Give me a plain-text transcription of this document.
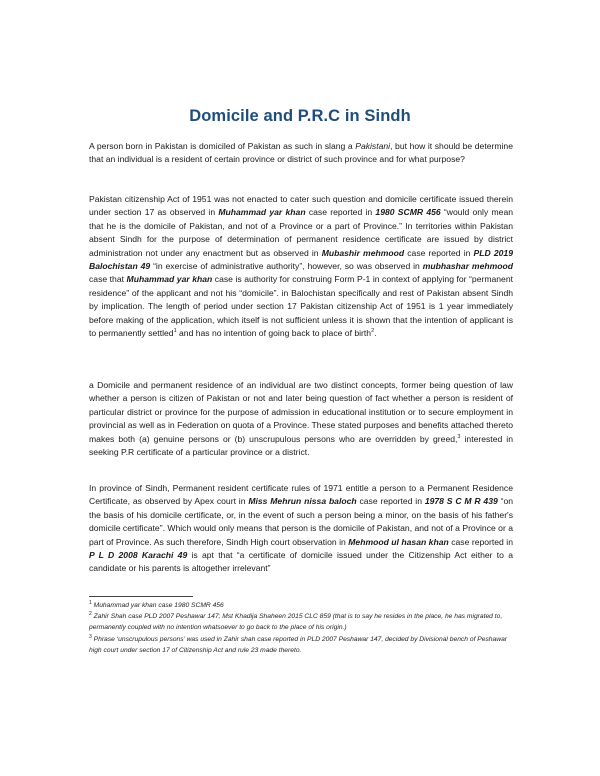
Domicile and P.R.C in Sindh

A person born in Pakistan is domiciled of Pakistan as such in slang a Pakistani, but how it should be determine that an individual is a resident of certain province or district of such province and for what purpose?

Pakistan citizenship Act of 1951 was not enacted to cater such question and domicile certificate issued therein under section 17 as observed in Muhammad yar khan case reported in 1980 SCMR 456 “would only mean that he is the domicile of Pakistan, and not of a Province or a part of Province.” In territories within Pakistan absent Sindh for the purpose of determination of permanent residence certificate are issued by district administration not under any enactment but as observed in Mubashir mehmood case reported in PLD 2019 Balochistan 49 “in exercise of administrative authority”, however, so was observed in mubhashar mehmood case that Muhammad yar khan case is authority for construing Form P-1 in context of applying for “permanent residence” of the applicant and not his “domicile”. in Balochistan specifically and rest of Pakistan absent Sindh by implication. The length of period under section 17 Pakistan citizenship Act of 1951 is 1 year immediately before making of the application, which itself is not sufficient unless it is shown that the intention of applicant is to permanently settled$^1$ and has no intention of going back to place of birth$^2$.

a Domicile and permanent residence of an individual are two distinct concepts, former being question of law whether a person is citizen of Pakistan or not and later being question of fact whether a person is resident of particular district or province for the purpose of admission in educational institution or to secure employment in provincial as well as in Federation on quota of a Province. These stated purposes and benefits attached thereto makes both (a) genuine persons or (b) unscrupulous persons who are overridden by greed,$^3$ interested in seeking P.R certificate of a particular province or a district.

In province of Sindh, Permanent resident certificate rules of 1971 entitle a person to a Permanent Residence Certificate, as observed by Apex court in Miss Mehrun nissa baloch case reported in 1978 S C M R 439 “on the basis of his domicile certificate, or, in the event of such a person being a minor, on the basis of his father's domicile certificate”. Which would only means that person is the domicile of Pakistan, and not of a Province or a part of Province. As such therefore, Sindh High court observation in Mehmood ul hasan khan case reported in P L D 2008 Karachi 49 is apt that “a certificate of domicile issued under the Citizenship Act either to a candidate or his parents is altogether irrelevant”

$^1$ Muhammad yar khan case 1980 SCMR 456

$^2$ Zahir Shah case PLD 2007 Peshawar 147; Mst Khadija Shaheen 2015 CLC 859 (that is to say he resides in the place, he has migrated to, permanently coupled with no intention whatsoever to go back to the place of his origin.)

$^3$ Phrase ‘unscrupulous persons’ was used in Zahir shah case reported in PLD 2007 Peshawar 147, decided by Divisional bench of Peshawar high court under section 17 of Citizenship Act and rule 23 made thereto.
